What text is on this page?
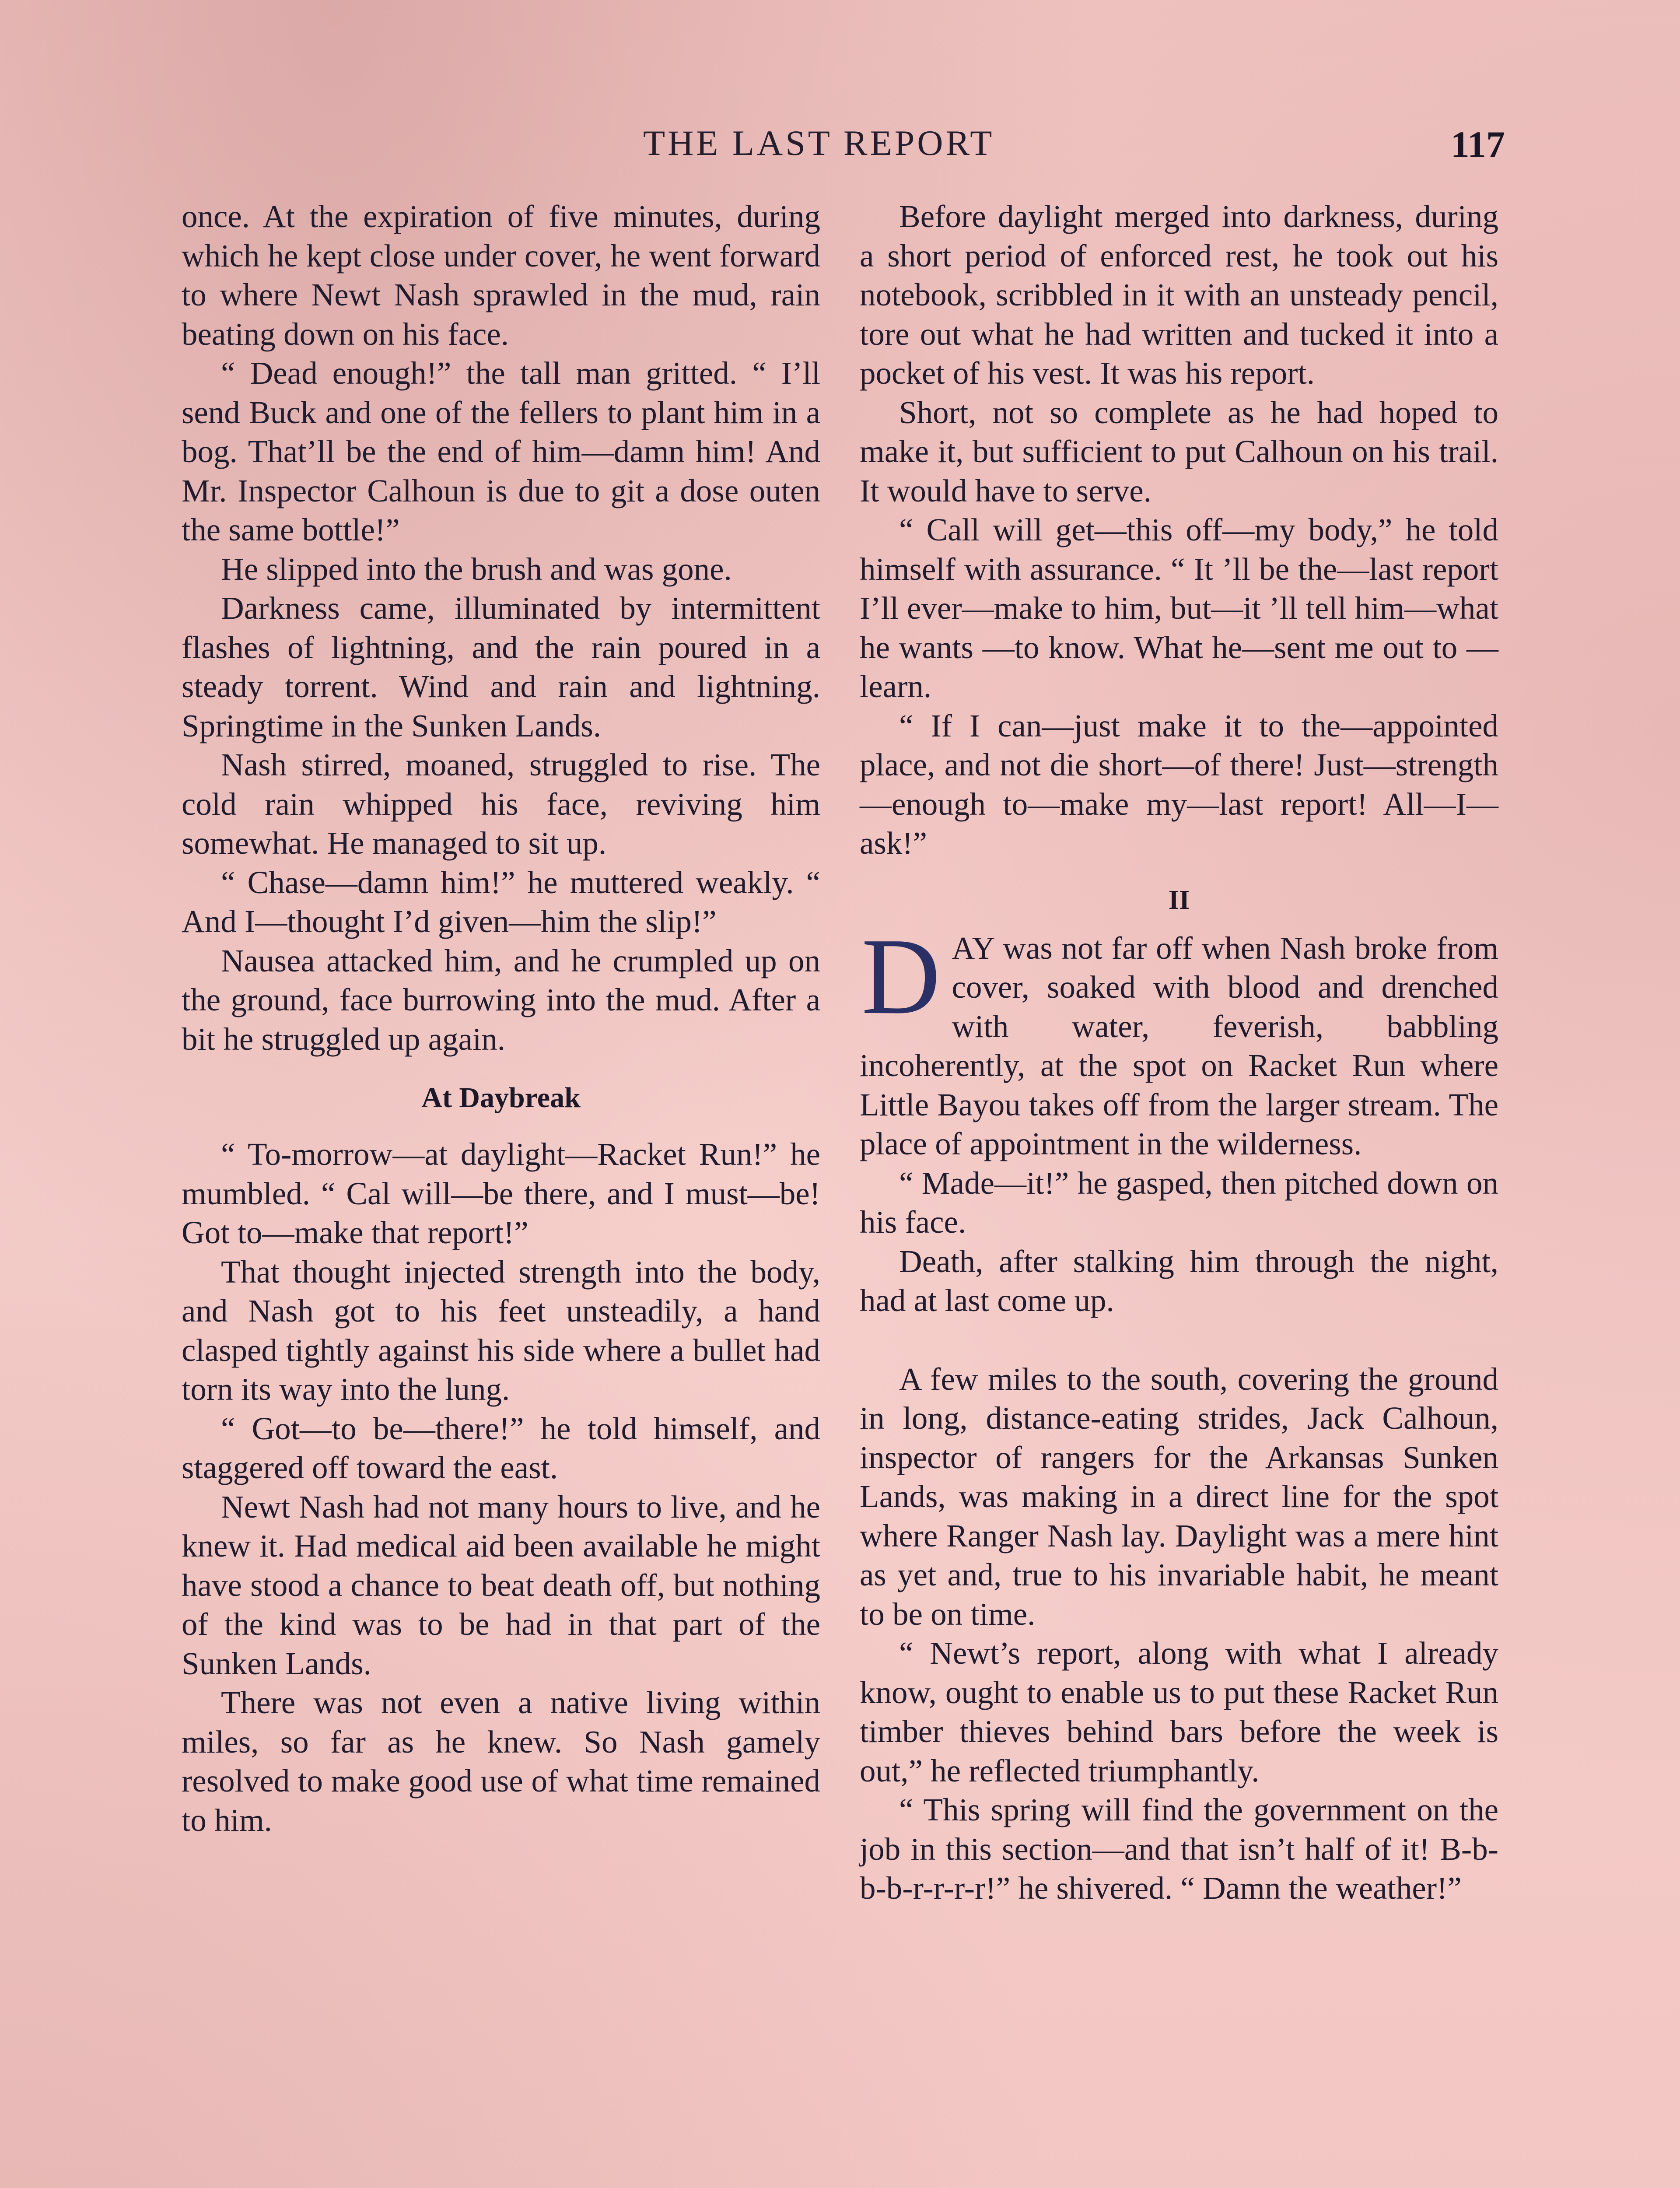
THE LAST REPORT	117

once. At the expiration of five minutes, during which he kept close under cover, he went forward to where Newt Nash sprawled in the mud, rain beating down on his face.

“ Dead enough!” the tall man gritted. “ I’ll send Buck and one of the fellers to plant him in a bog. That’ll be the end of him—damn him! And Mr. Inspector Calhoun is due to git a dose outen the same bottle!”

He slipped into the brush and was gone.

Darkness came, illuminated by intermittent flashes of lightning, and the rain poured in a steady torrent. Wind and rain and lightning. Springtime in the Sunken Lands.

Nash stirred, moaned, struggled to rise. The cold rain whipped his face, reviving him somewhat. He managed to sit up.

“ Chase—damn him!” he muttered weakly. “ And I—thought I’d given—him the slip!”

Nausea attacked him, and he crumpled up on the ground, face burrowing into the mud. After a bit he struggled up again.

At Daybreak

“ To-morrow—at daylight—Racket Run!” he mumbled. “ Cal will—be there, and I must—be! Got to—make that report!”

That thought injected strength into the body, and Nash got to his feet unsteadily, a hand clasped tightly against his side where a bullet had torn its way into the lung.

“ Got—to be—there!” he told himself, and staggered off toward the east.

Newt Nash had not many hours to live, and he knew it. Had medical aid been available he might have stood a chance to beat death off, but nothing of the kind was to be had in that part of the Sunken Lands.

There was not even a native living within miles, so far as he knew. So Nash gamely resolved to make good use of what time remained to him.

Before daylight merged into darkness, during a short period of enforced rest, he took out his notebook, scribbled in it with an unsteady pencil, tore out what he had written and tucked it into a pocket of his vest. It was his report.

Short, not so complete as he had hoped to make it, but sufficient to put Calhoun on his trail. It would have to serve.

“ Call will get—this off—my body,” he told himself with assurance. “ It ’ll be the—last report I’ll ever—make to him, but—it ’ll tell him—what he wants —to know. What he—sent me out to —learn.

“ If I can—just make it to the—appointed place, and not die short—of there! Just—strength—enough to—make my—last report! All—I—ask!”

II
D AY was not far off when Nash broke from cover, soaked with blood and drenched with water, feverish, babbling incoherently, at the spot on Racket Run where Little Bayou takes off from the larger stream. The place of appointment in the wilderness.

“ Made—it!” he gasped, then pitched down on his face.

Death, after stalking him through the night, had at last come up.

A few miles to the south, covering the ground in long, distance-eating strides, Jack Calhoun, inspector of rangers for the Arkansas Sunken Lands, was making in a direct line for the spot where Ranger Nash lay. Daylight was a mere hint as yet and, true to his invariable habit, he meant to be on time.

“ Newt’s report, along with what I already know, ought to enable us to put these Racket Run timber thieves behind bars before the week is out,” he reflected triumphantly.

“ This spring will find the government on the job in this section—and that isn’t half of it! B-b-b-b-r-r-r-r!” he shivered. “ Damn the weather!”
